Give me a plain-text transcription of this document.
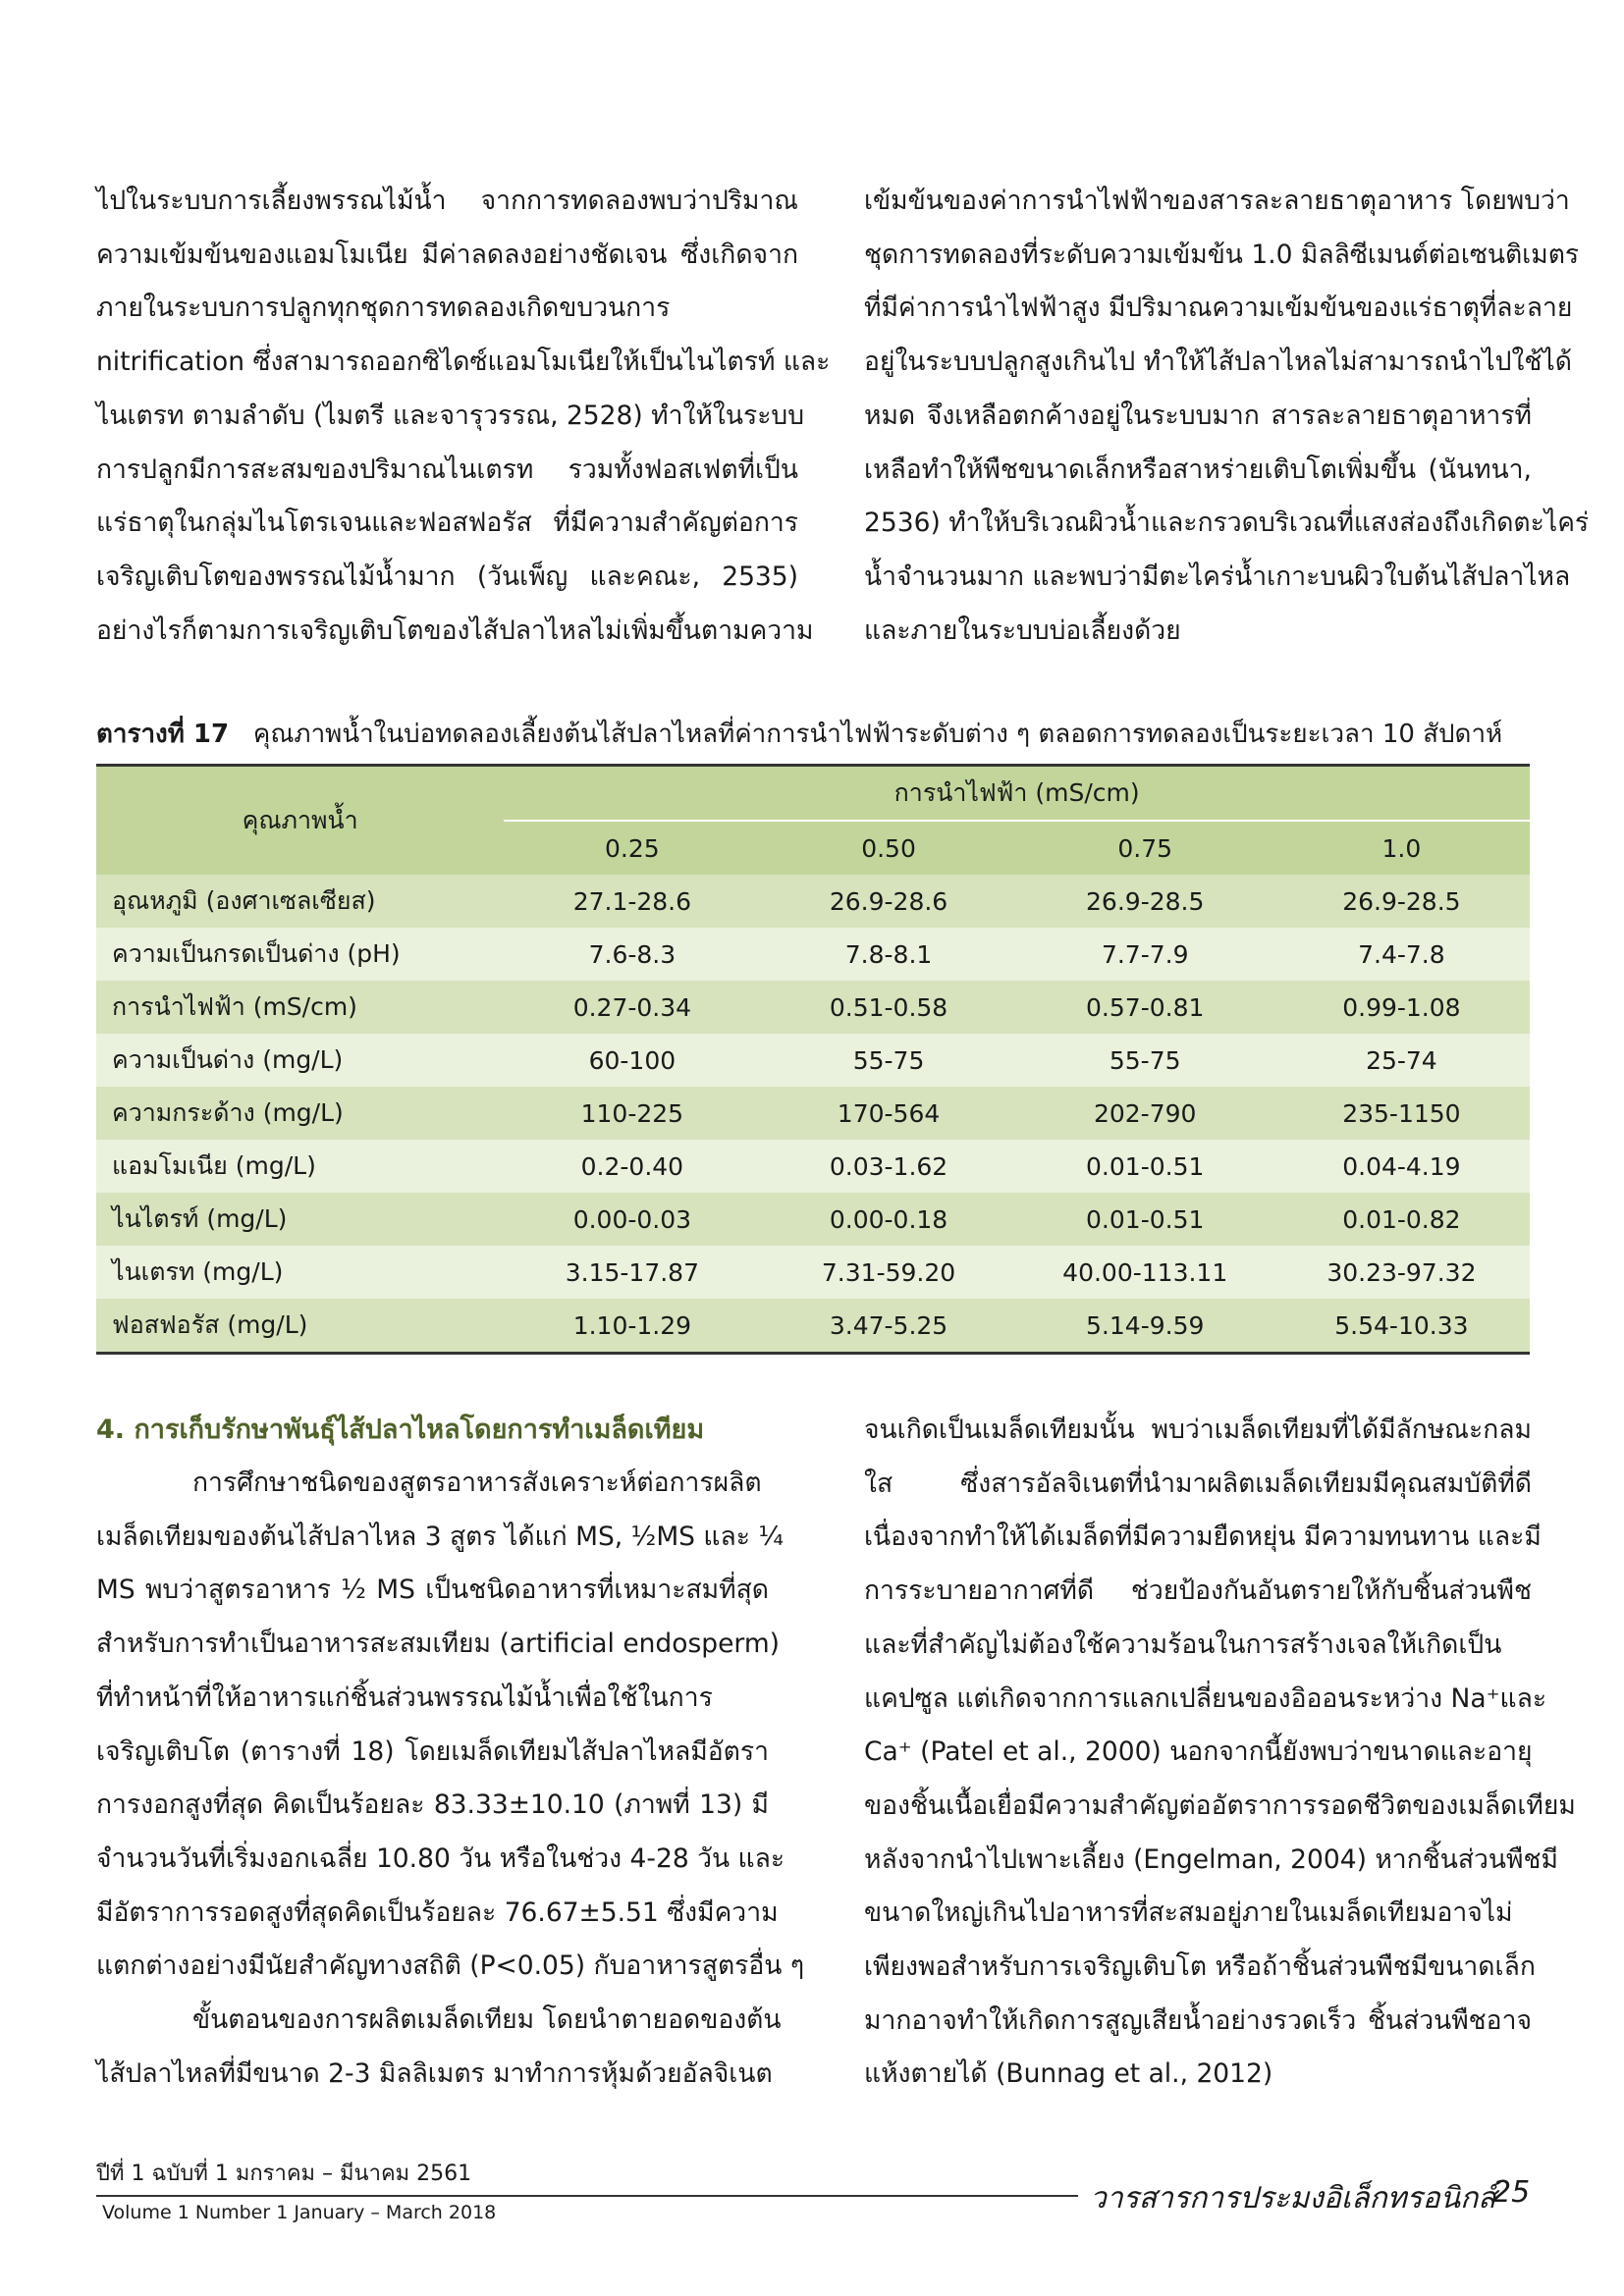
ไปในระบบการเลี้ยงพรรณไม้น้ำ จากการทดลองพบว่าปริมาณ
ความเข้มข้นของแอมโมเนีย มีค่าลดลงอย่างชัดเจน ซึ่งเกิดจาก
ภายในระบบการปลูกทุกชุดการทดลองเกิดขบวนการ
nitrification ซึ่งสามารถออกซิไดซ์แอมโมเนียให้เป็นไนไตรท์ และ
ไนเตรท ตามลำดับ (ไมตรี และจารุวรรณ, 2528) ทำให้ในระบบ
การปลูกมีการสะสมของปริมาณไนเตรท รวมทั้งฟอสเฟตที่เป็น
แร่ธาตุในกลุ่มไนโตรเจนและฟอสฟอรัส ที่มีความสำคัญต่อการ
เจริญเติบโตของพรรณไม้น้ำมาก (วันเพ็ญ และคณะ, 2535)
อย่างไรก็ตามการเจริญเติบโตของไส้ปลาไหลไม่เพิ่มขึ้นตามความ
เข้มข้นของค่าการนำไฟฟ้าของสารละลายธาตุอาหาร โดยพบว่า
ชุดการทดลองที่ระดับความเข้มข้น 1.0 มิลลิซีเมนต์ต่อเซนติเมตร
ที่มีค่าการนำไฟฟ้าสูง มีปริมาณความเข้มข้นของแร่ธาตุที่ละลาย
อยู่ในระบบปลูกสูงเกินไป ทำให้ไส้ปลาไหลไม่สามารถนำไปใช้ได้
หมด จึงเหลือตกค้างอยู่ในระบบมาก สารละลายธาตุอาหารที่
เหลือทำให้พืชขนาดเล็กหรือสาหร่ายเติบโตเพิ่มขึ้น (นันทนา,
2536) ทำให้บริเวณผิวน้ำและกรวดบริเวณที่แสงส่องถึงเกิดตะไคร่
น้ำจำนวนมาก และพบว่ามีตะไคร่น้ำเกาะบนผิวใบต้นไส้ปลาไหล
และภายในระบบบ่อเลี้ยงด้วย
ตารางที่ 17 คุณภาพน้ำในบ่อทดลองเลี้ยงต้นไส้ปลาไหลที่ค่าการนำไฟฟ้าระดับต่าง ๆ ตลอดการทดลองเป็นระยะเวลา 10 สัปดาห์
คุณภาพน้ำ	การนำไฟฟ้า (mS/cm)			
	0.25	0.50	0.75	1.0
อุณหภูมิ (องศาเซลเซียส)	27.1-28.6	26.9-28.6	26.9-28.5	26.9-28.5
ความเป็นกรดเป็นด่าง (pH)	7.6-8.3	7.8-8.1	7.7-7.9	7.4-7.8
การนำไฟฟ้า (mS/cm)	0.27-0.34	0.51-0.58	0.57-0.81	0.99-1.08
ความเป็นด่าง (mg/L)	60-100	55-75	55-75	25-74
ความกระด้าง (mg/L)	110-225	170-564	202-790	235-1150
แอมโมเนีย (mg/L)	0.2-0.40	0.03-1.62	0.01-0.51	0.04-4.19
ไนไตรท์ (mg/L)	0.00-0.03	0.00-0.18	0.01-0.51	0.01-0.82
ไนเตรท (mg/L)	3.15-17.87	7.31-59.20	40.00-113.11	30.23-97.32
ฟอสฟอรัส (mg/L)	1.10-1.29	3.47-5.25	5.14-9.59	5.54-10.33
4. การเก็บรักษาพันธุ์ไส้ปลาไหลโดยการทำเมล็ดเทียม
การศึกษาชนิดของสูตรอาหารสังเคราะห์ต่อการผลิต
เมล็ดเทียมของต้นไส้ปลาไหล 3 สูตร ได้แก่ MS, ½MS และ ¼
MS พบว่าสูตรอาหาร ½ MS เป็นชนิดอาหารที่เหมาะสมที่สุด
สำหรับการทำเป็นอาหารสะสมเทียม (artificial endosperm)
ที่ทำหน้าที่ให้อาหารแก่ชิ้นส่วนพรรณไม้น้ำเพื่อใช้ในการ
เจริญเติบโต (ตารางที่ 18) โดยเมล็ดเทียมไส้ปลาไหลมีอัตรา
การงอกสูงที่สุด คิดเป็นร้อยละ 83.33±10.10 (ภาพที่ 13) มี
จำนวนวันที่เริ่มงอกเฉลี่ย 10.80 วัน หรือในช่วง 4-28 วัน และ
มีอัตราการรอดสูงที่สุดคิดเป็นร้อยละ 76.67±5.51 ซึ่งมีความ
แตกต่างอย่างมีนัยสำคัญทางสถิติ (P<0.05) กับอาหารสูตรอื่น ๆ
ขั้นตอนของการผลิตเมล็ดเทียม โดยนำตายอดของต้น
ไส้ปลาไหลที่มีขนาด 2-3 มิลลิเมตร มาทำการหุ้มด้วยอัลจิเนต
จนเกิดเป็นเมล็ดเทียมนั้น พบว่าเมล็ดเทียมที่ได้มีลักษณะกลม
ใส ซึ่งสารอัลจิเนตที่นำมาผลิตเมล็ดเทียมมีคุณสมบัติที่ดี
เนื่องจากทำให้ได้เมล็ดที่มีความยืดหยุ่น มีความทนทาน และมี
การระบายอากาศที่ดี ช่วยป้องกันอันตรายให้กับชิ้นส่วนพืช
และที่สำคัญไม่ต้องใช้ความร้อนในการสร้างเจลให้เกิดเป็น
แคปซูล แต่เกิดจากการแลกเปลี่ยนของอิออนระหว่าง Na⁺และ
Ca⁺ (Patel et al., 2000) นอกจากนี้ยังพบว่าขนาดและอายุ
ของชิ้นเนื้อเยื่อมีความสำคัญต่ออัตราการรอดชีวิตของเมล็ดเทียม
หลังจากนำไปเพาะเลี้ยง (Engelman, 2004) หากชิ้นส่วนพืชมี
ขนาดใหญ่เกินไปอาหารที่สะสมอยู่ภายในเมล็ดเทียมอาจไม่
เพียงพอสำหรับการเจริญเติบโต หรือถ้าชิ้นส่วนพืชมีขนาดเล็ก
มากอาจทำให้เกิดการสูญเสียน้ำอย่างรวดเร็ว ชิ้นส่วนพืชอาจ
แห้งตายได้ (Bunnag et al., 2012)
ปีที่ 1 ฉบับที่ 1 มกราคม – มีนาคม 2561
Volume 1 Number 1 January – March 2018	วารสารการประมงอิเล็กทรอนิกส์
25
